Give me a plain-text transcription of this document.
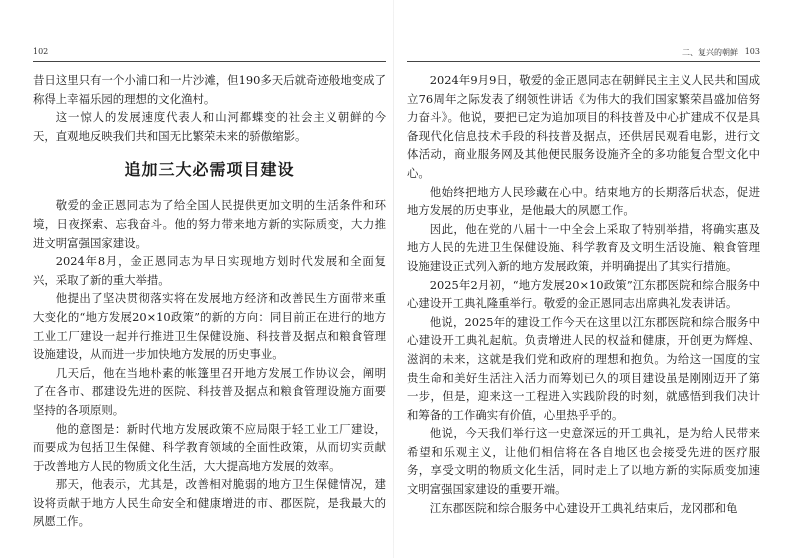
102

昔日这里只有一个小浦口和一片沙滩，但190多天后就奇迹般地变成了称得上幸福乐园的理想的文化渔村。

这一惊人的发展速度代表人和山河都蝶变的社会主义朝鲜的今天，直观地反映我们共和国无比繁荣未来的骄傲缩影。

追加三大必需项目建设

敬爱的金正恩同志为了给全国人民提供更加文明的生活条件和环境，日夜探索、忘我奋斗。他的努力带来地方新的实际质变，大力推进文明富强国家建设。

2024年8月，金正恩同志为早日实现地方划时代发展和全面复兴，采取了新的重大举措。

他提出了坚决贯彻落实将在发展地方经济和改善民生方面带来重大变化的“地方发展20×10政策”的新的方向：同目前正在进行的地方工业工厂建设一起并行推进卫生保健设施、科技普及据点和粮食管理设施建设，从而进一步加快地方发展的历史事业。

几天后，他在当地朴素的帐篷里召开地方发展工作协议会，阐明了在各市、郡建设先进的医院、科技普及据点和粮食管理设施方面要坚持的各项原则。

他的意图是：新时代地方发展政策不应局限于轻工业工厂建设，而要成为包括卫生保健、科学教育领域的全面性政策，从而切实贡献于改善地方人民的物质文化生活，大大提高地方发展的效率。

那天，他表示，尤其是，改善相对脆弱的地方卫生保健情况，建设将贡献于地方人民生命安全和健康增进的市、郡医院，是我最大的夙愿工作。

二、复兴的朝鲜 103

2024年9月9日，敬爱的金正恩同志在朝鲜民主主义人民共和国成立76周年之际发表了纲领性讲话《为伟大的我们国家繁荣昌盛加倍努力奋斗》。他说，要把已定为追加项目的科技普及中心扩建成不仅是具备现代化信息技术手段的科技普及据点，还供居民观看电影，进行文体活动，商业服务网及其他便民服务设施齐全的多功能复合型文化中心。

他始终把地方人民珍藏在心中。结束地方的长期落后状态，促进地方发展的历史事业，是他最大的夙愿工作。

因此，他在党的八届十一中全会上采取了特别举措，将确实惠及地方人民的先进卫生保健设施、科学教育及文明生活设施、粮食管理设施建设正式列入新的地方发展政策，并明确提出了其实行措施。

2025年2月初，“地方发展20×10政策”江东郡医院和综合服务中心建设开工典礼隆重举行。敬爱的金正恩同志出席典礼发表讲话。

他说，2025年的建设工作今天在这里以江东郡医院和综合服务中心建设开工典礼起航。负责增进人民的权益和健康，开创更为辉煌、滋润的未来，这就是我们党和政府的理想和抱负。为给这一国度的宝贵生命和美好生活注入活力而筹划已久的项目建设虽是刚刚迈开了第一步，但是，迎来这一工程进入实践阶段的时刻，就感悟到我们决计和筹备的工作确实有价值，心里热乎乎的。

他说，今天我们举行这一史意深远的开工典礼，是为给人民带来希望和乐观主义，让他们相信将在各自地区也会接受先进的医疗服务，享受文明的物质文化生活，同时走上了以地方新的实际质变加速文明富强国家建设的重要开端。

江东郡医院和综合服务中心建设开工典礼结束后，龙冈郡和龟
